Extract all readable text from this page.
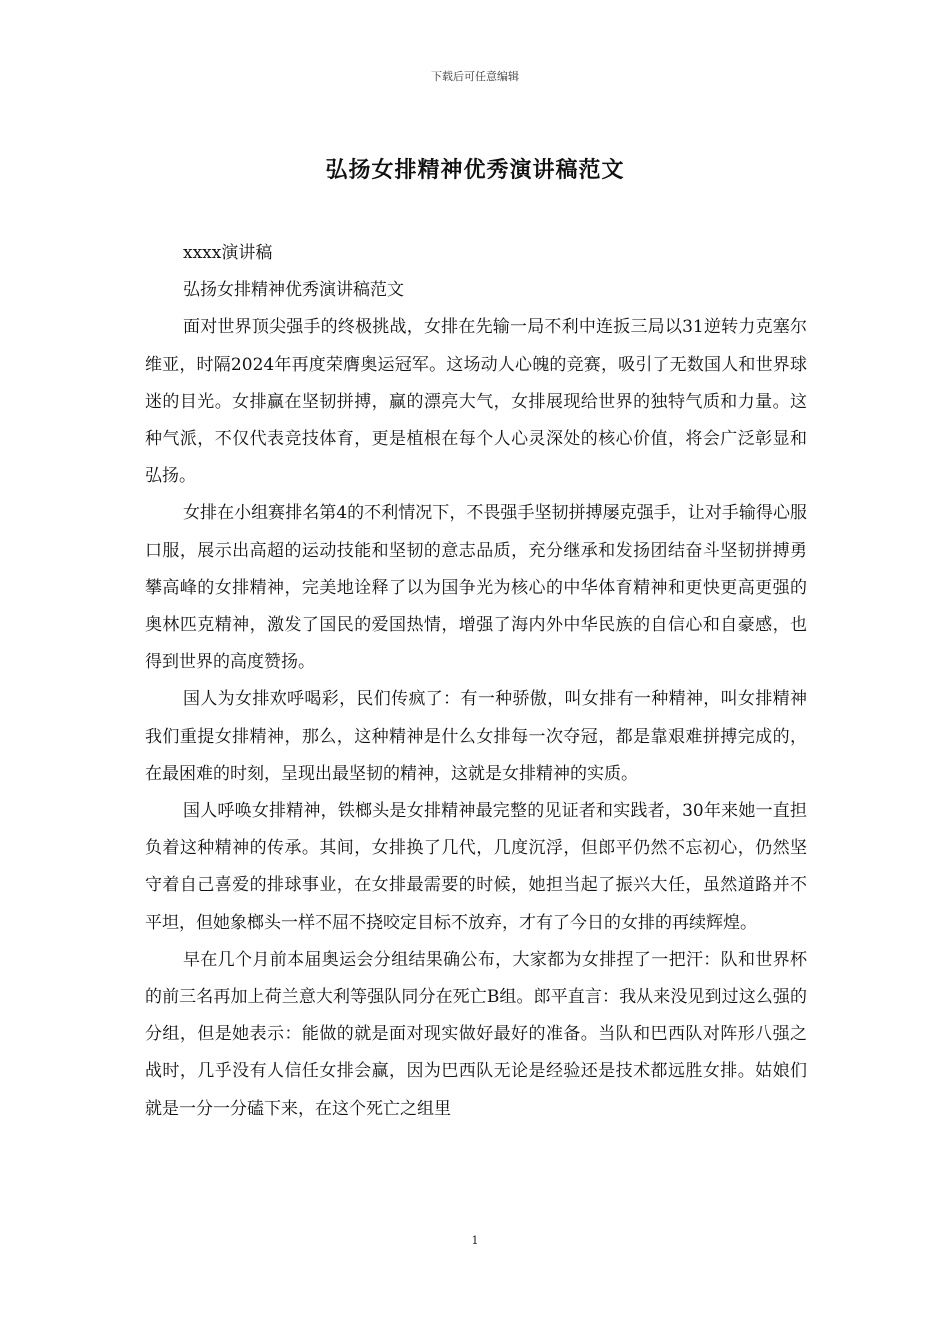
下载后可任意编辑
弘扬女排精神优秀演讲稿范文

xxxx演讲稿

弘扬女排精神优秀演讲稿范文

面对世界顶尖强手的终极挑战，女排在先输一局不利中连扳三局以31逆转力克塞尔维亚，时隔2024年再度荣膺奥运冠军。这场动人心魄的竞赛，吸引了无数国人和世界球迷的目光。女排赢在坚韧拼搏，赢的漂亮大气，女排展现给世界的独特气质和力量。这种气派，不仅代表竞技体育，更是植根在每个人心灵深处的核心价值，将会广泛彰显和弘扬。

女排在小组赛排名第4的不利情况下，不畏强手坚韧拼搏屡克强手，让对手输得心服口服，展示出高超的运动技能和坚韧的意志品质，充分继承和发扬团结奋斗坚韧拼搏勇攀高峰的女排精神，完美地诠释了以为国争光为核心的中华体育精神和更快更高更强的奥林匹克精神，激发了国民的爱国热情，增强了海内外中华民族的自信心和自豪感，也得到世界的高度赞扬。

国人为女排欢呼喝彩，民们传疯了：有一种骄傲，叫女排有一种精神，叫女排精神我们重提女排精神，那么，这种精神是什么女排每一次夺冠，都是靠艰难拼搏完成的，在最困难的时刻，呈现出最坚韧的精神，这就是女排精神的实质。

国人呼唤女排精神，铁榔头是女排精神最完整的见证者和实践者，30年来她一直担负着这种精神的传承。其间，女排换了几代，几度沉浮，但郎平仍然不忘初心，仍然坚守着自己喜爱的排球事业，在女排最需要的时候，她担当起了振兴大任，虽然道路并不平坦，但她象榔头一样不屈不挠咬定目标不放弃，才有了今日的女排的再续辉煌。

早在几个月前本届奥运会分组结果确公布，大家都为女排捏了一把汗：队和世界杯的前三名再加上荷兰意大利等强队同分在死亡B组。郎平直言：我从来没见到过这么强的分组，但是她表示：能做的就是面对现实做好最好的准备。当队和巴西队对阵形八强之战时，几乎没有人信任女排会赢，因为巴西队无论是经验还是技术都远胜女排。姑娘们就是一分一分磕下来，在这个死亡之组里

1
